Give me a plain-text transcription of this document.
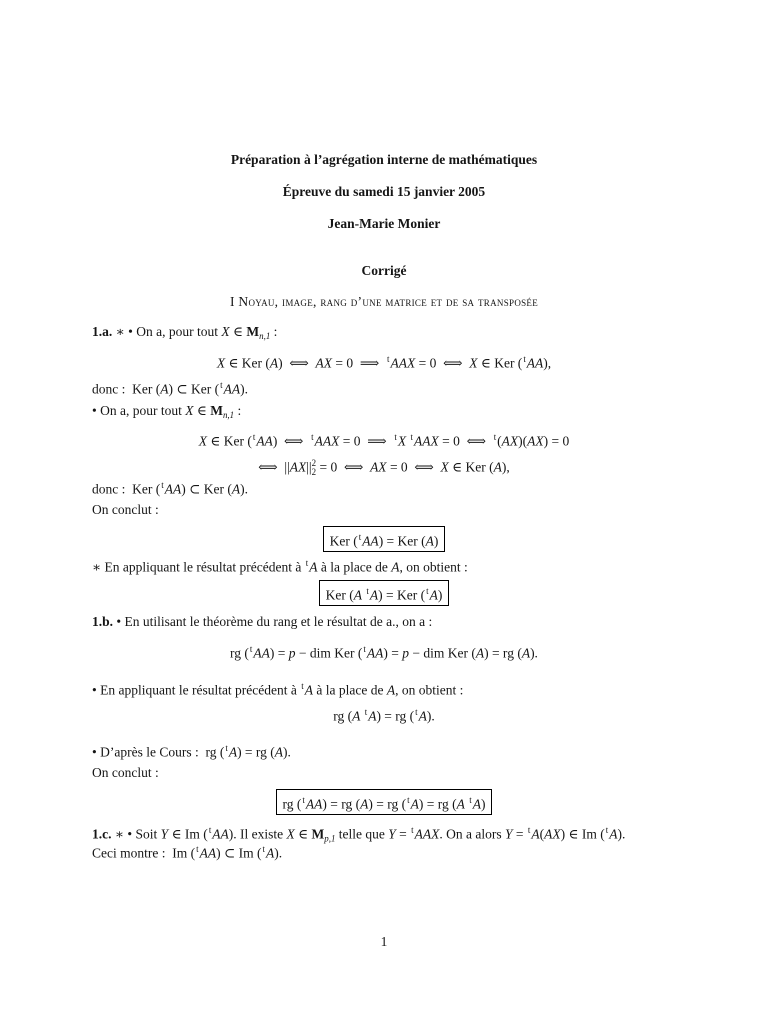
Préparation à l’agrégation interne de mathématiques
Épreuve du samedi 15 janvier 2005
Jean-Marie Monier
Corrigé
I Noyau, image, rang d’une matrice et de sa transposée
1.a. ∗ • On a, pour tout X ∈ $M_{n,1}$ :
X ∈ Ker (A)  ⟺  AX = 0  ⟹  $^t$AAX = 0  ⟺  X ∈ Ker ($^t$AA),
donc :  Ker (A) ⊂ Ker ($^t$AA).
• On a, pour tout X ∈ $M_{n,1}$ :
X ∈ Ker ($^t$AA)  ⟺  $^t$AAX = 0  ⟹  $^t$X $^t$AAX = 0  ⟺  $^t$(AX)(AX) = 0
⟺  $||AX||^2_2 = 0$  ⟺  AX = 0  ⟺  X ∈ Ker (A),
donc :  Ker ($^t$AA) ⊂ Ker (A).
On conclut :
Ker ($^t$AA) = Ker (A)
∗ En appliquant le résultat précédent à $^t$A à la place de A, on obtient :
Ker (A $^t$A) = Ker ($^t$A)
1.b. • En utilisant le théorème du rang et le résultat de a., on a :
rg ($^t$AA) = p − dim Ker ($^t$AA) = p − dim Ker (A) = rg (A).
• En appliquant le résultat précédent à $^t$A à la place de A, on obtient :
rg (A $^t$A) = rg ($^t$A).
• D’après le Cours :  rg ($^t$A) = rg (A).
On conclut :
rg ($^t$AA) = rg (A) = rg ($^t$A) = rg (A $^t$A)
1.c. ∗ • Soit Y ∈ Im ($^t$AA). Il existe X ∈ $M_{p,1}$ telle que Y = $^t$AAX. On a alors Y = $^t$A(AX) ∈ Im ($^t$A).
Ceci montre :  Im ($^t$AA) ⊂ Im ($^t$A).
1
